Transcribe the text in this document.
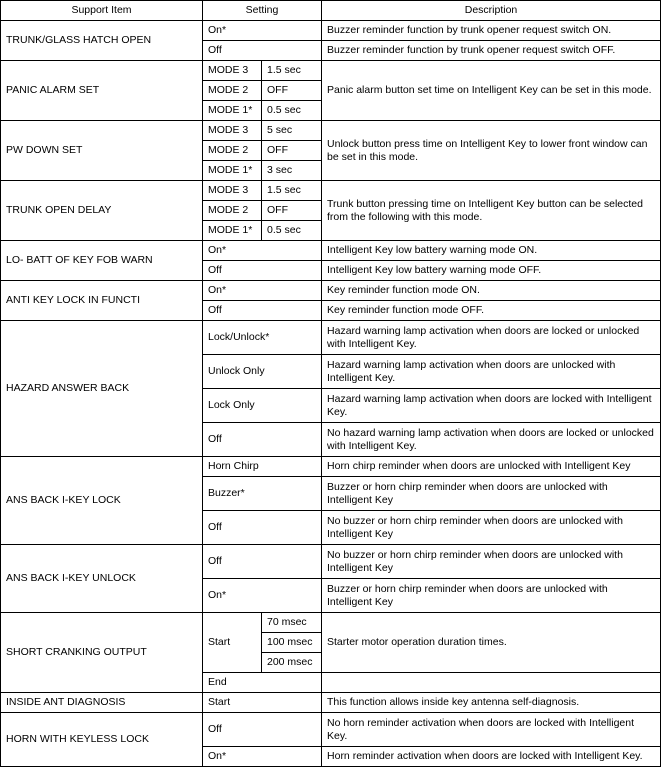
Support Item	Setting		Description
TRUNK/GLASS HATCH OPEN	On*		Buzzer reminder function by trunk opener request switch ON.
	Off		Buzzer reminder function by trunk opener request switch OFF.
PANIC ALARM SET	MODE 3	1.5 sec	Panic alarm button set time on Intelligent Key can be set in this mode.
	MODE 2	OFF	
	MODE 1*	0.5 sec	
PW DOWN SET	MODE 3	5 sec	Unlock button press time on Intelligent Key to lower front window can be set in this mode.
	MODE 2	OFF	
	MODE 1*	3 sec	
TRUNK OPEN DELAY	MODE 3	1.5 sec	Trunk button pressing time on Intelligent Key button can be selected from the following with this mode.
	MODE 2	OFF	
	MODE 1*	0.5 sec	
LO- BATT OF KEY FOB WARN	On*		Intelligent Key low battery warning mode ON.
	Off		Intelligent Key low battery warning mode OFF.
ANTI KEY LOCK IN FUNCTI	On*		Key reminder function mode ON.
	Off		Key reminder function mode OFF.
HAZARD ANSWER BACK	Lock/Unlock*		Hazard warning lamp activation when doors are locked or unlocked with Intelligent Key.
	Unlock Only		Hazard warning lamp activation when doors are unlocked with Intelligent Key.
	Lock Only		Hazard warning lamp activation when doors are locked with Intelligent Key.
	Off		No hazard warning lamp activation when doors are locked or unlocked with Intelligent Key.
ANS BACK I-KEY LOCK	Horn Chirp		Horn chirp reminder when doors are unlocked with Intelligent Key
	Buzzer*		Buzzer or horn chirp reminder when doors are unlocked with Intelligent Key
	Off		No buzzer or horn chirp reminder when doors are unlocked with Intelligent Key
ANS BACK I-KEY UNLOCK	Off		No buzzer or horn chirp reminder when doors are unlocked with Intelligent Key
	On*		Buzzer or horn chirp reminder when doors are unlocked with Intelligent Key
SHORT CRANKING OUTPUT	Start	70 msec	Starter motor operation duration times.
		100 msec	
		200 msec	
	End		
INSIDE ANT DIAGNOSIS	Start		This function allows inside key antenna self-diagnosis.
HORN WITH KEYLESS LOCK	Off		No horn reminder activation when doors are locked with Intelligent Key.
	On*		Horn reminder activation when doors are locked with Intelligent Key.
